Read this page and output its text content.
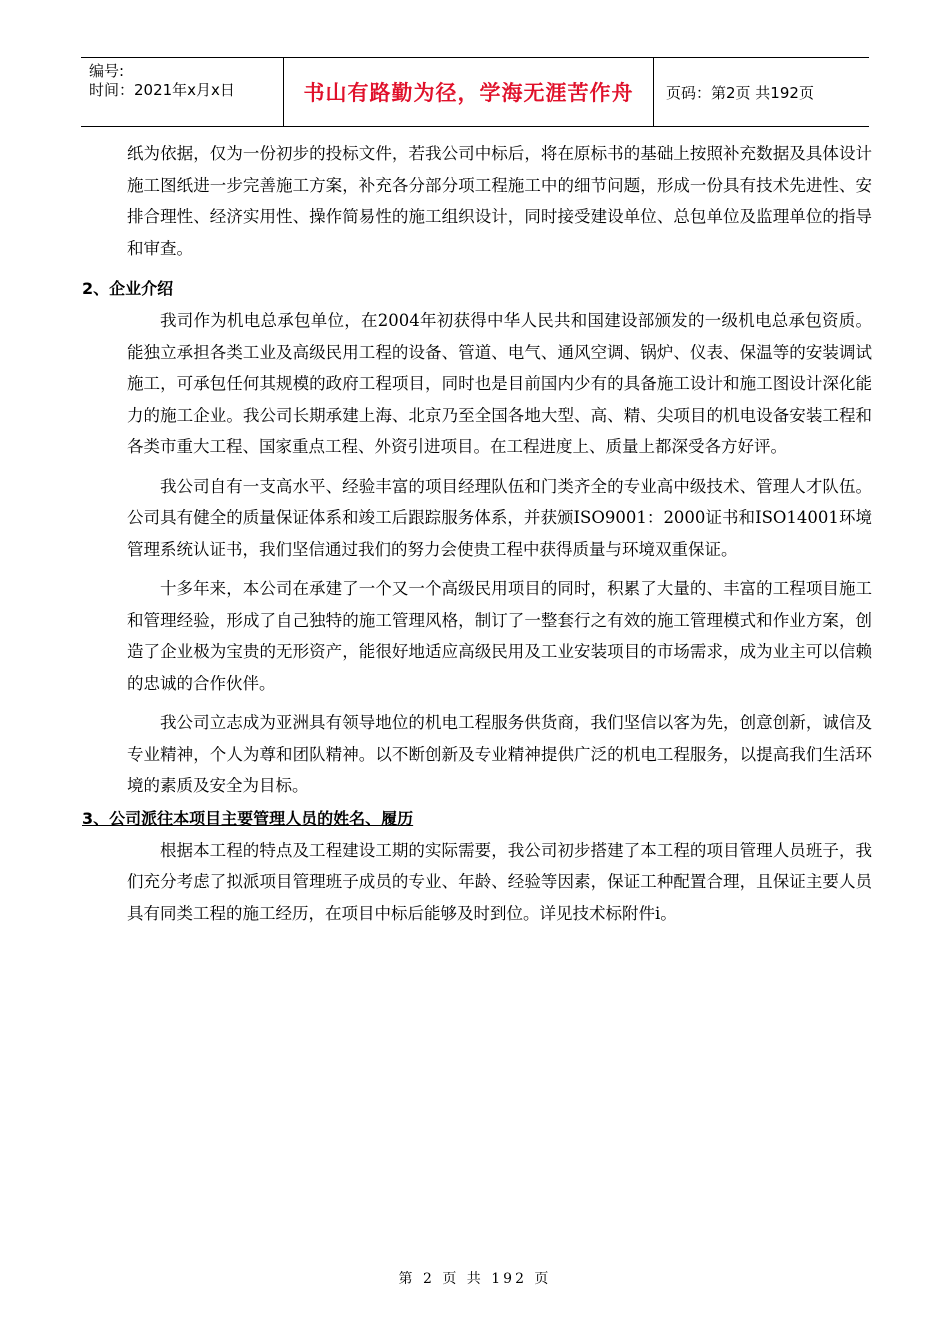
编号:
时间：2021年x月x日	书山有路勤为径，学海无涯苦作舟	页码：第2页 共192页

纸为依据，仅为一份初步的投标文件，若我公司中标后，将在原标书的基础上按照补充数据及具体设计施工图纸进一步完善施工方案，补充各分部分项工程施工中的细节问题，形成一份具有技术先进性、安排合理性、经济实用性、操作简易性的施工组织设计，同时接受建设单位、总包单位及监理单位的指导和审查。

2、企业介绍

我司作为机电总承包单位，在2004年初获得中华人民共和国建设部颁发的一级机电总承包资质。能独立承担各类工业及高级民用工程的设备、管道、电气、通风空调、锅炉、仪表、保温等的安装调试施工，可承包任何其规模的政府工程项目，同时也是目前国内少有的具备施工设计和施工图设计深化能力的施工企业。我公司长期承建上海、北京乃至全国各地大型、高、精、尖项目的机电设备安装工程和各类市重大工程、国家重点工程、外资引进项目。在工程进度上、质量上都深受各方好评。

我公司自有一支高水平、经验丰富的项目经理队伍和门类齐全的专业高中级技术、管理人才队伍。公司具有健全的质量保证体系和竣工后跟踪服务体系，并获颁ISO9001：2000证书和ISO14001环境管理系统认证书，我们坚信通过我们的努力会使贵工程中获得质量与环境双重保证。

十多年来，本公司在承建了一个又一个高级民用项目的同时，积累了大量的、丰富的工程项目施工和管理经验，形成了自己独特的施工管理风格，制订了一整套行之有效的施工管理模式和作业方案，创造了企业极为宝贵的无形资产，能很好地适应高级民用及工业安装项目的市场需求，成为业主可以信赖的忠诚的合作伙伴。

我公司立志成为亚洲具有领导地位的机电工程服务供货商，我们坚信以客为先，创意创新，诚信及专业精神，个人为尊和团队精神。以不断创新及专业精神提供广泛的机电工程服务，以提高我们生活环境的素质及安全为目标。

3、公司派往本项目主要管理人员的姓名、履历

根据本工程的特点及工程建设工期的实际需要，我公司初步搭建了本工程的项目管理人员班子，我们充分考虑了拟派项目管理班子成员的专业、年龄、经验等因素，保证工种配置合理，且保证主要人员具有同类工程的施工经历，在项目中标后能够及时到位。详见技术标附件i。

第 2 页 共 192 页
